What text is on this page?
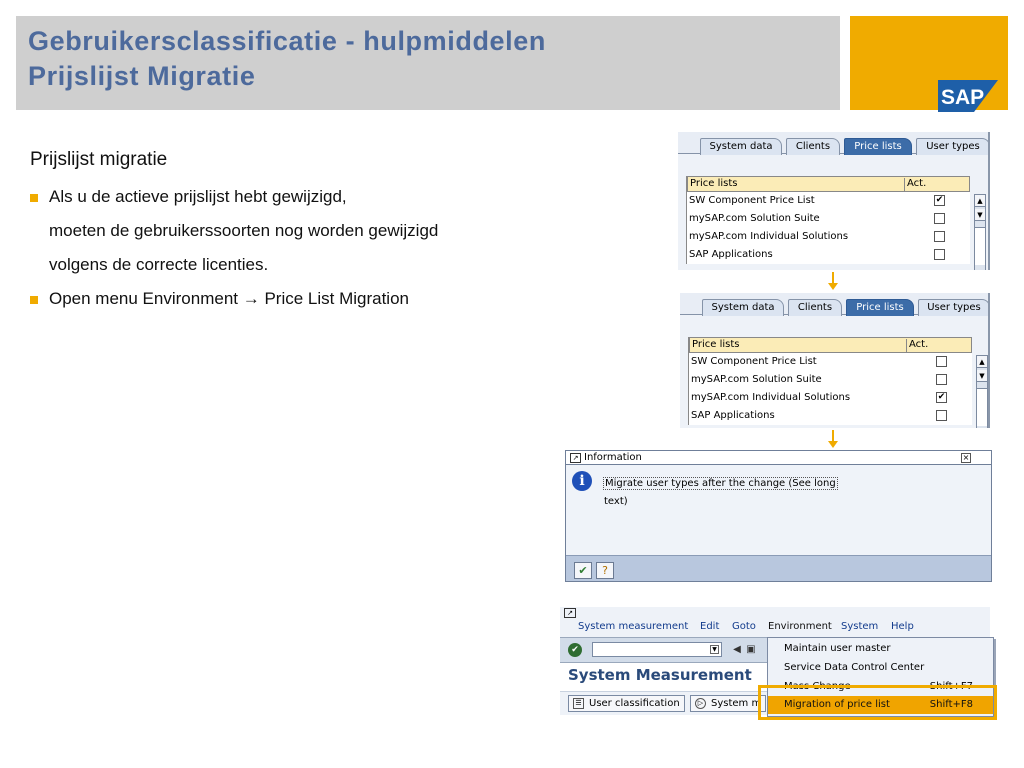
Gebruikersclassificatie - hulpmiddelen
Prijslijst Migratie
SAP
Prijslijst migratie
Als u de actieve prijslijst hebt gewijzigd,
moeten de gebruikerssoorten nog worden gewijzigd
volgens de correcte licenties.
Open menu Environment → Price List Migration
System data	Clients	Price lists	User types
Price lists	Act.
SW Component Price List	✔
mySAP.com Solution Suite
mySAP.com Individual Solutions
SAP Applications
▲
▼
System data	Clients	Price lists	User types
Price lists	Act.
SW Component Price List
mySAP.com Solution Suite
mySAP.com Individual Solutions	✔
SAP Applications
▲
▼
↗ Information	×
i	Migrate user types after the change (See long
text)
✔	?
↗
System measurement Edit Goto Environment System Help
✔	▼	◀ ▣
System Measurement
☰ User classification	▷ System m
Maintain user master
Service Data Control Center
Mass Change	Shift+F7
Migration of price list	Shift+F8
